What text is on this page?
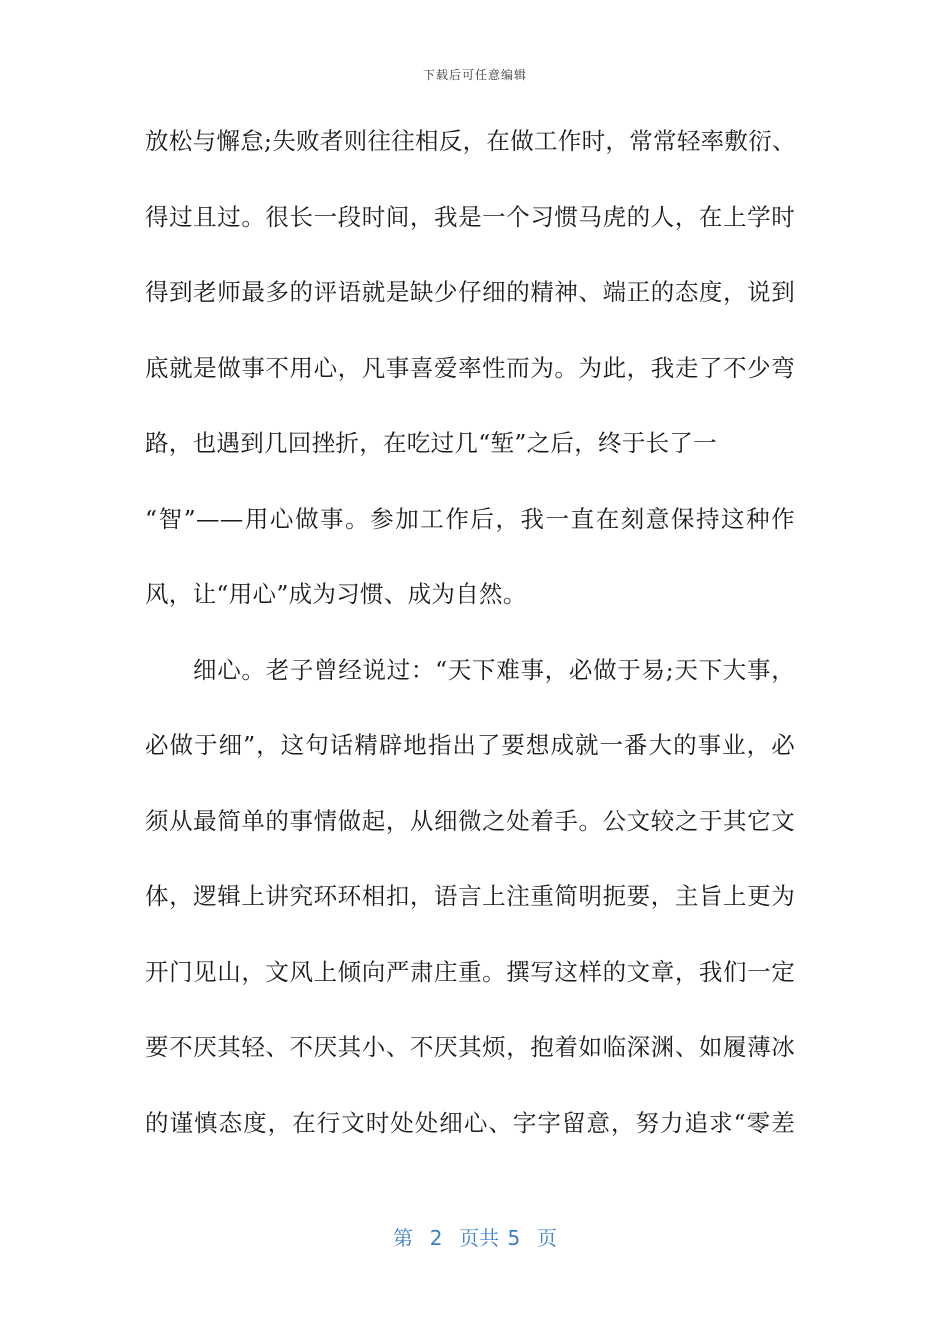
下载后可任意编辑
放松与懈怠;失败者则往往相反，在做工作时，常常轻率敷衍、
得过且过。很长一段时间，我是一个习惯马虎的人，在上学时
得到老师最多的评语就是缺少仔细的精神、端正的态度，说到
底就是做事不用心，凡事喜爱率性而为。为此，我走了不少弯
路，也遇到几回挫折，在吃过几“堑”之后，终于长了一
“智”——用心做事。参加工作后，我一直在刻意保持这种作
风，让“用心”成为习惯、成为自然。
细心。老子曾经说过：“天下难事，必做于易;天下大事，
必做于细”，这句话精辟地指出了要想成就一番大的事业，必
须从最简单的事情做起，从细微之处着手。公文较之于其它文
体，逻辑上讲究环环相扣，语言上注重简明扼要，主旨上更为
开门见山，文风上倾向严肃庄重。撰写这样的文章，我们一定
要不厌其轻、不厌其小、不厌其烦，抱着如临深渊、如履薄冰
的谨慎态度，在行文时处处细心、字字留意，努力追求“零差
第  2  页共 5  页
